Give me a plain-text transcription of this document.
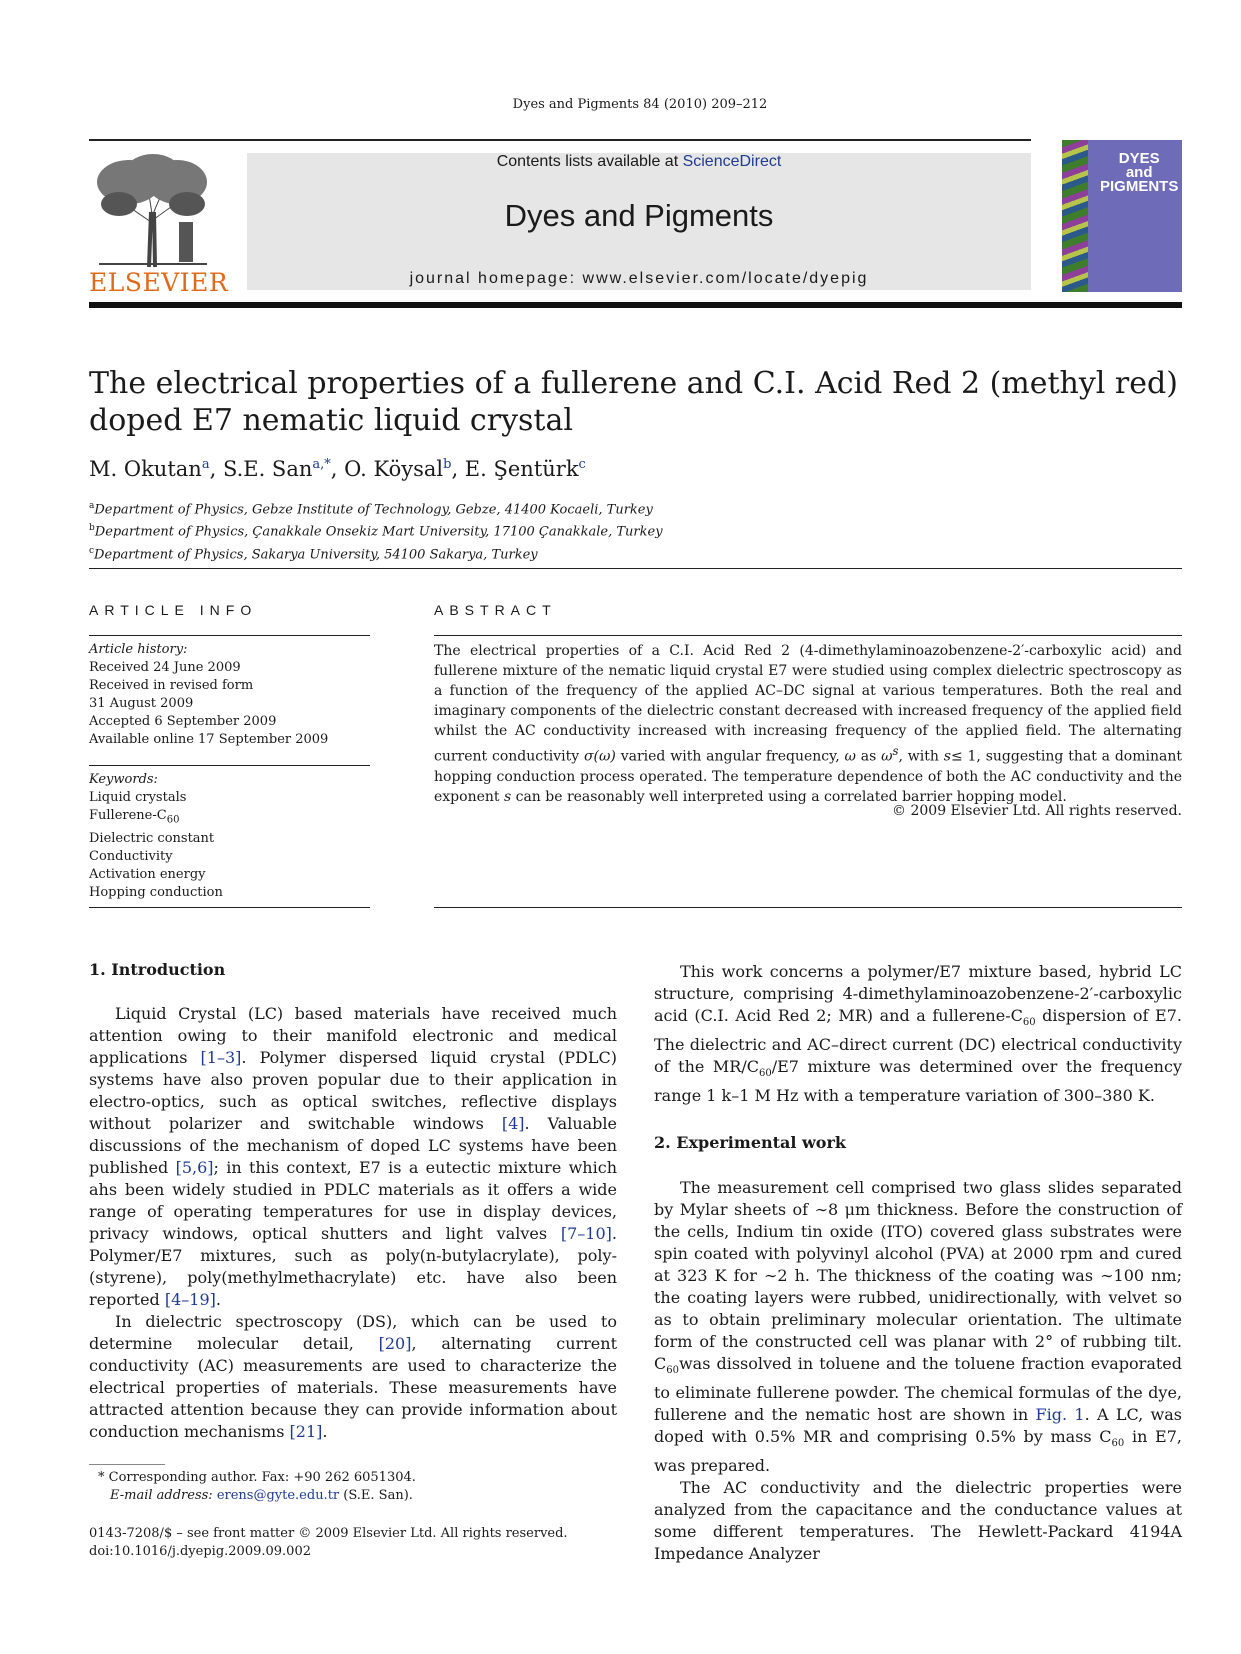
Dyes and Pigments 84 (2010) 209–212
ELSEVIER
Contents lists available at ScienceDirect
Dyes and Pigments
journal homepage: www.elsevier.com/locate/dyepig
DYES
and
PIGMENTS
The electrical properties of a fullerene and C.I. Acid Red 2 (methyl red)
doped E7 nematic liquid crystal
M. Okutan$^a$, S.E. San$^{a,*}$, O. Köysal$^b$, E. Şentürk$^c$
$^a$Department of Physics, Gebze Institute of Technology, Gebze, 41400 Kocaeli, Turkey
$^b$Department of Physics, Çanakkale Onsekiz Mart University, 17100 Çanakkale, Turkey
$^c$Department of Physics, Sakarya University, 54100 Sakarya, Turkey
ARTICLE INFO	ABSTRACT
Article history:
Received 24 June 2009
Received in revised form
31 August 2009
Accepted 6 September 2009
Available online 17 September 2009
Keywords:
Liquid crystals
Fullerene-$C_{60}$
Dielectric constant
Conductivity
Activation energy
Hopping conduction
The electrical properties of a C.I. Acid Red 2 (4-dimethylaminoazobenzene-2′-carboxylic acid) and fullerene mixture of the nematic liquid crystal E7 were studied using complex dielectric spectroscopy as a function of the frequency of the applied AC–DC signal at various temperatures. Both the real and imaginary components of the dielectric constant decreased with increased frequency of the applied field whilst the AC conductivity increased with increasing frequency of the applied field. The alternating current conductivity σ(ω) varied with angular frequency, ω as $\omega^s$, with s≤ 1, suggesting that a dominant hopping conduction process operated. The temperature dependence of both the AC conductivity and the exponent s can be reasonably well interpreted using a correlated barrier hopping model.
© 2009 Elsevier Ltd. All rights reserved.
1. Introduction

Liquid Crystal (LC) based materials have received much attention owing to their manifold electronic and medical applications [1–3]. Polymer dispersed liquid crystal (PDLC) systems have also proven popular due to their application in electro-optics, such as optical switches, reflective displays without polarizer and switchable windows [4]. Valuable discussions of the mechanism of doped LC systems have been published [5,6]; in this context, E7 is a eutectic mixture which ahs been widely studied in PDLC materials as it offers a wide range of operating temperatures for use in display devices, privacy windows, optical shutters and light valves [7–10]. Polymer/E7 mixtures, such as poly(n-butylacrylate), poly-(styrene), poly(methylmethacrylate) etc. have also been reported [4–19].

In dielectric spectroscopy (DS), which can be used to determine molecular detail, [20], alternating current conductivity (AC) measurements are used to characterize the electrical properties of materials. These measurements have attracted attention because they can provide information about conduction mechanisms [21].

This work concerns a polymer/E7 mixture based, hybrid LC structure, comprising 4-dimethylaminoazobenzene-2′-carboxylic acid (C.I. Acid Red 2; MR) and a fullerene-$C_{60}$ dispersion of E7. The dielectric and AC–direct current (DC) electrical conductivity of the $MR/C_{60}/E7$ mixture was determined over the frequency range 1 k–1 M Hz with a temperature variation of 300–380 K.

2. Experimental work

The measurement cell comprised two glass slides separated by Mylar sheets of ∼8 μm thickness. Before the construction of the cells, Indium tin oxide (ITO) covered glass substrates were spin coated with polyvinyl alcohol (PVA) at 2000 rpm and cured at 323 K for ∼2 h. The thickness of the coating was ∼100 nm; the coating layers were rubbed, unidirectionally, with velvet so as to obtain preliminary molecular orientation. The ultimate form of the constructed cell was planar with 2° of rubbing tilt. $C_{60}was$ dissolved in toluene and the toluene fraction evaporated to eliminate fullerene powder. The chemical formulas of the dye, fullerene and the nematic host are shown in Fig. 1. A LC, was doped with 0.5% MR and comprising 0.5% by mass $C_{60}$ in E7, was prepared.

The AC conductivity and the dielectric properties were analyzed from the capacitance and the conductance values at some different temperatures. The Hewlett-Packard 4194A Impedance Analyzer

* Corresponding author. Fax: +90 262 6051304.
E-mail address: erens@gyte.edu.tr (S.E. San).
0143-7208/$ – see front matter © 2009 Elsevier Ltd. All rights reserved.
doi:10.1016/j.dyepig.2009.09.002
